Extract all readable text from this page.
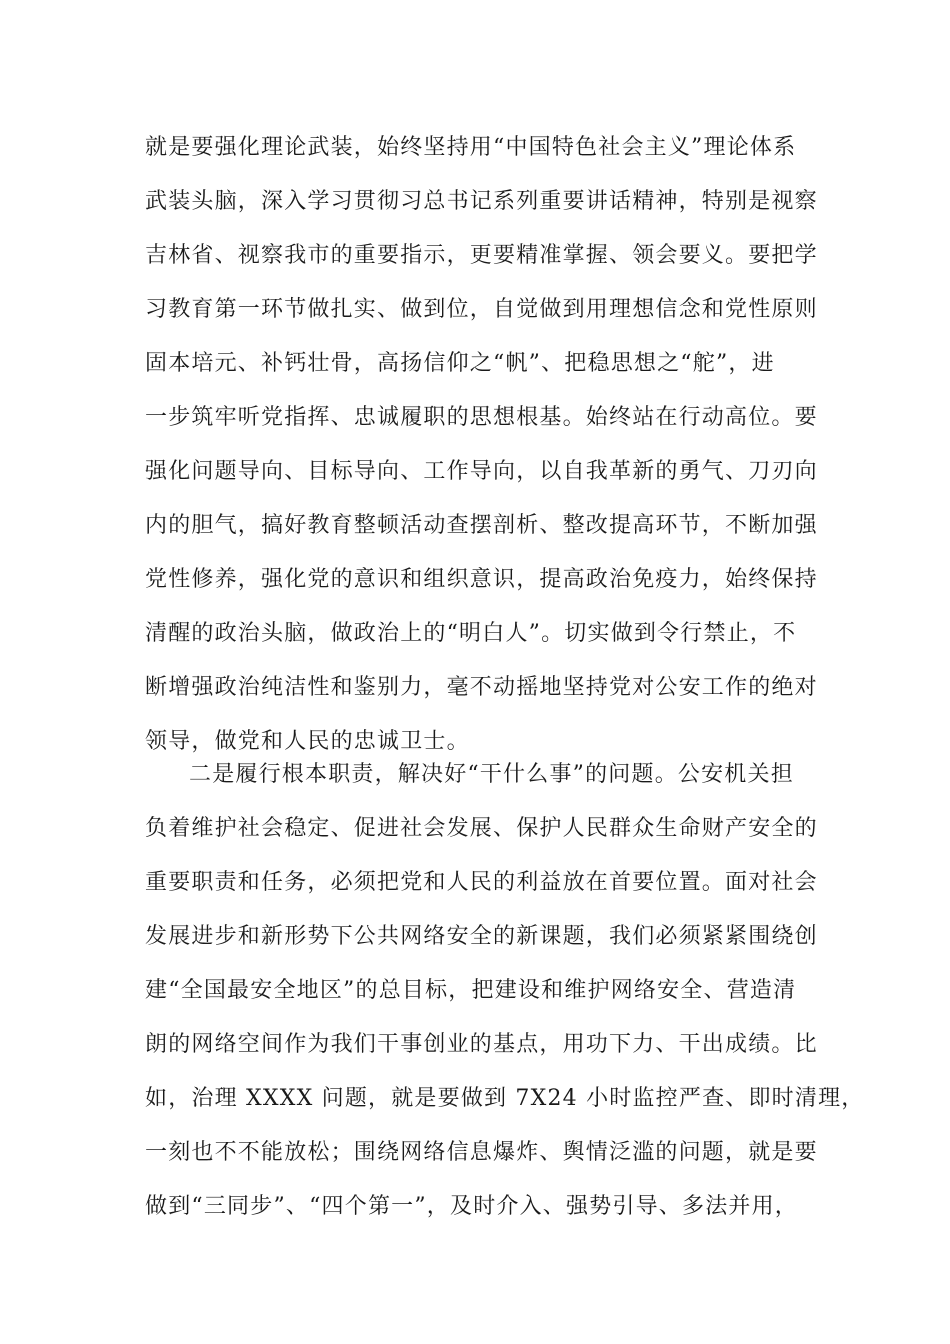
就是要强化理论武装，始终坚持用“中国特色社会主义”理论体系
武装头脑，深入学习贯彻习总书记系列重要讲话精神，特别是视察
吉林省、视察我市的重要指示，更要精准掌握、领会要义。要把学
习教育第一环节做扎实、做到位，自觉做到用理想信念和党性原则
固本培元、补钙壮骨，高扬信仰之“帆”、把稳思想之“舵”，进
一步筑牢听党指挥、忠诚履职的思想根基。始终站在行动高位。要
强化问题导向、目标导向、工作导向，以自我革新的勇气、刀刃向
内的胆气，搞好教育整顿活动查摆剖析、整改提高环节，不断加强
党性修养，强化党的意识和组织意识，提高政治免疫力，始终保持
清醒的政治头脑，做政治上的“明白人”。切实做到令行禁止，不
断增强政治纯洁性和鉴别力，毫不动摇地坚持党对公安工作的绝对
领导，做党和人民的忠诚卫士。
二是履行根本职责，解决好“干什么事”的问题。公安机关担
负着维护社会稳定、促进社会发展、保护人民群众生命财产安全的
重要职责和任务，必须把党和人民的利益放在首要位置。面对社会
发展进步和新形势下公共网络安全的新课题，我们必须紧紧围绕创
建“全国最安全地区”的总目标，把建设和维护网络安全、营造清
朗的网络空间作为我们干事创业的基点，用功下力、干出成绩。比
如，治理 XXXX 问题，就是要做到 7X24 小时监控严查、即时清理，
一刻也不不能放松；围绕网络信息爆炸、舆情泛滥的问题，就是要
做到“三同步”、“四个第一”，及时介入、强势引导、多法并用，
